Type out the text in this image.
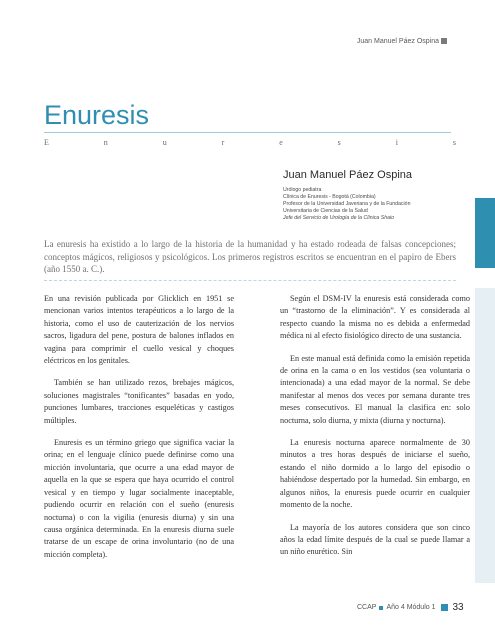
Juan Manuel Páez Ospina
Enuresis
E	n	u	r	e	s	i	s
Juan Manuel Páez Ospina
Urólogo pediatra
Clínica de Enuresis - Bogotá (Colombia)
Profesor de la Universidad Javeriana y de la Fundación
Universitaria de Ciencias de la Salud
Jefe del Servicio de Urología de la Clínica Shaio
La enuresis ha existido a lo largo de la historia de la humanidad y ha estado rodeada de falsas concepciones; conceptos mágicos, religiosos y psicológicos. Los primeros registros escritos se encuentran en el papiro de Ebers (año 1550 a. C.).

En una revisión publicada por Glicklich en 1951 se mencionan varios intentos terapéuticos a lo largo de la historia, como el uso de cauterización de los nervios sacros, ligadura del pene, postura de balones inflados en vagina para comprimir el cuello vesical y choques eléctricos en los genitales.

También se han utilizado rezos, brebajes mágicos, soluciones magistrales “tonificantes” basadas en yodo, punciones lumbares, tracciones esqueléticas y castigos múltiples.

Enuresis es un término griego que significa vaciar la orina; en el lenguaje clínico puede definirse como una micción involuntaria, que ocurre a una edad mayor de aquella en la que se espera que haya ocurrido el control vesical y en tiempo y lugar socialmente inaceptable, pudiendo ocurrir en relación con el sueño (enuresis nocturna) o con la vigilia (enuresis diurna) y sin una causa orgánica determinada. En la enuresis diurna suele tratarse de un escape de orina involuntario (no de una micción completa).

Según el DSM-IV la enuresis está considerada como un “trastorno de la eliminación”. Y es considerada al respecto cuando la misma no es debida a enfermedad médica ni al efecto fisiológico directo de una sustancia.

En este manual está definida como la emisión repetida de orina en la cama o en los vestidos (sea voluntaria o intencionada) a una edad mayor de la normal. Se debe manifestar al menos dos veces por semana durante tres meses consecutivos. El manual la clasifica en: solo nocturna, solo diurna, y mixta (diurna y nocturna).

La enuresis nocturna aparece normalmente de 30 minutos a tres horas después de iniciarse el sueño, estando el niño dormido a lo largo del episodio o habiéndose despertado por la humedad. Sin embargo, en algunos niños, la enuresis puede ocurrir en cualquier momento de la noche.

La mayoría de los autores considera que son cinco años la edad límite después de la cual se puede llamar a un niño enurético. Sin

CCAP Año 4 Módulo 1 33
